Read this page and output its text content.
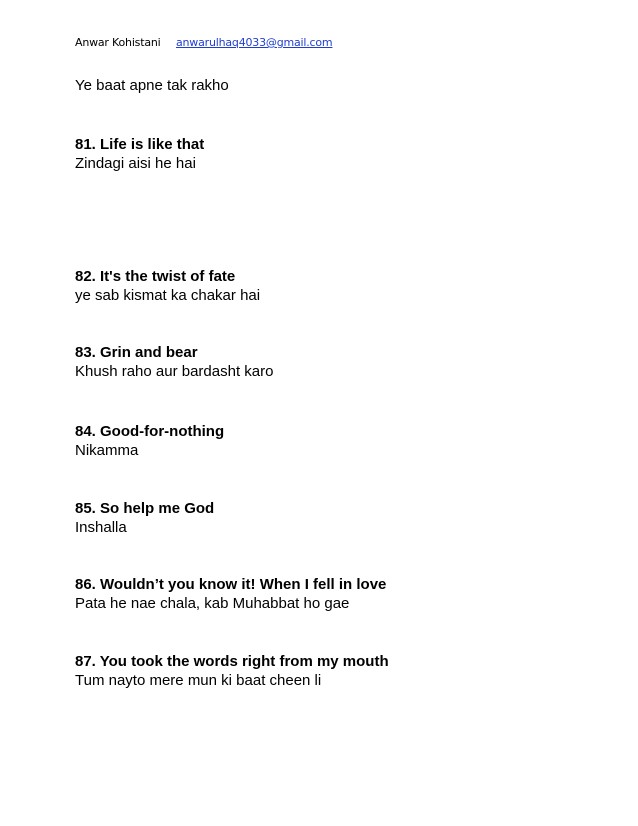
Anwar Kohistani anwarulhaq4033@gmail.com
Ye baat apne tak rakho
81. Life is like that
Zindagi aisi he hai
82. It's the twist of fate
ye sab kismat ka chakar hai
83. Grin and bear
Khush raho aur bardasht karo
84. Good-for-nothing
Nikamma
85. So help me God
Inshalla
86. Wouldn’t you know it! When I fell in love
Pata he nae chala, kab Muhabbat ho gae
87. You took the words right from my mouth
Tum nayto mere mun ki baat cheen li
